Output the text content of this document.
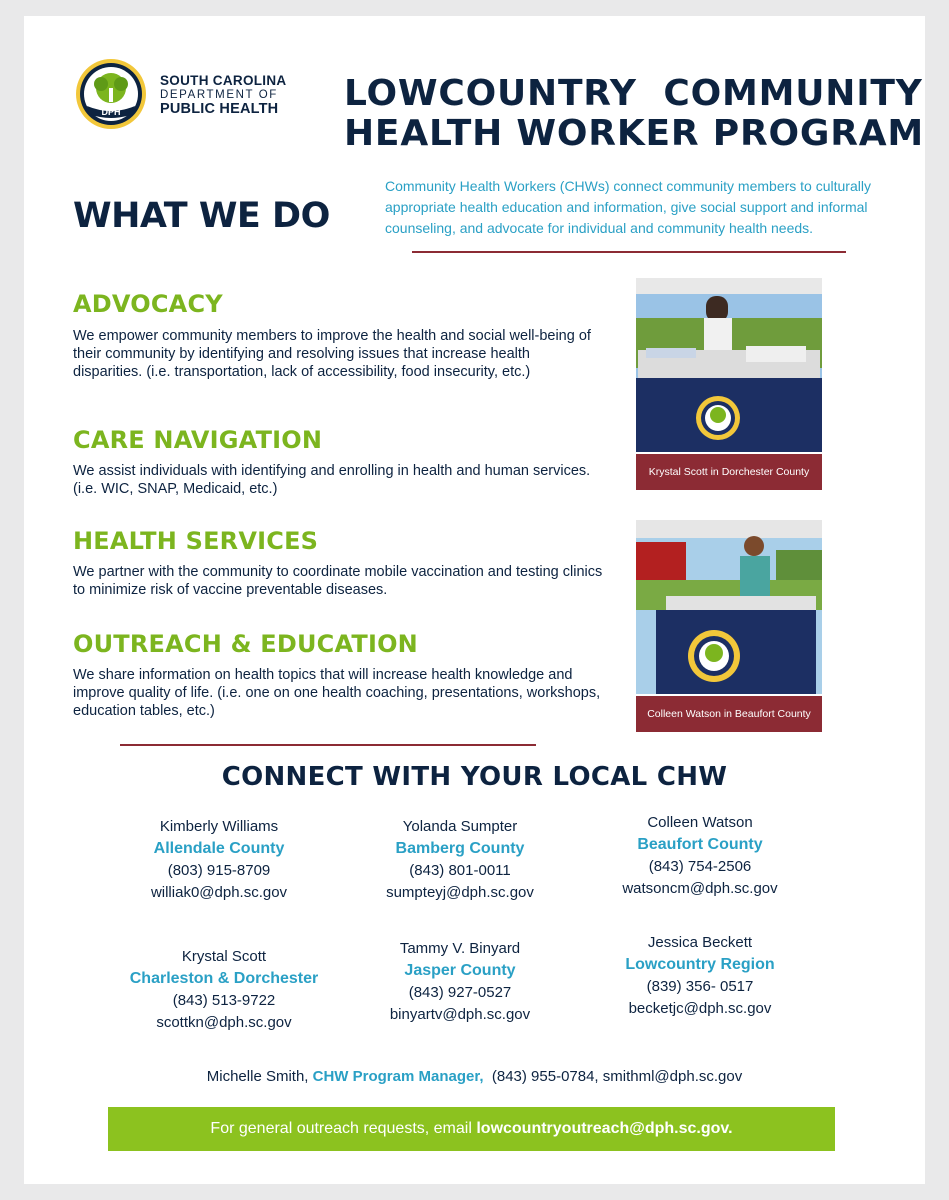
DPH
SOUTH CAROLINA
DEPARTMENT OF
PUBLIC HEALTH LOWCOUNTRY  COMMUNITY
HEALTH WORKER PROGRAM
WHAT WE DO
Community Health Workers (CHWs) connect community members to culturally appropriate health education and information, give social support and informal counseling, and advocate for individual and community health needs.
ADVOCACY
We empower community members to improve the health and social well-being of their community by identifying and resolving issues that increase health disparities. (i.e. transportation, lack of accessibility, food insecurity, etc.)
CARE NAVIGATION
We assist individuals with identifying and enrolling in health and human services. (i.e. WIC, SNAP, Medicaid, etc.)
HEALTH SERVICES
We partner with the community to coordinate mobile vaccination and testing clinics to minimize risk of vaccine preventable diseases.
OUTREACH & EDUCATION
We share information on health topics that will increase health knowledge and improve quality of life. (i.e. one on one health coaching, presentations, workshops, education tables, etc.)
Krystal Scott in Dorchester County
Colleen Watson in Beaufort County
CONNECT WITH YOUR LOCAL CHW
Kimberly Williams
Allendale County
(803) 915-8709
williak0@dph.sc.gov
Yolanda Sumpter
Bamberg County
(843) 801-0011
sumpteyj@dph.sc.gov
Colleen Watson
Beaufort County
(843) 754-2506
watsoncm@dph.sc.gov
Krystal Scott
Charleston & Dorchester
(843) 513-9722
scottkn@dph.sc.gov
Tammy V. Binyard
Jasper County
(843) 927-0527
binyartv@dph.sc.gov
Jessica Beckett
Lowcountry Region
(839) 356- 0517
becketjc@dph.sc.gov
Michelle Smith, CHW Program Manager, (843) 955-0784, smithml@dph.sc.gov
For general outreach requests, email lowcountryoutreach@dph.sc.gov.
